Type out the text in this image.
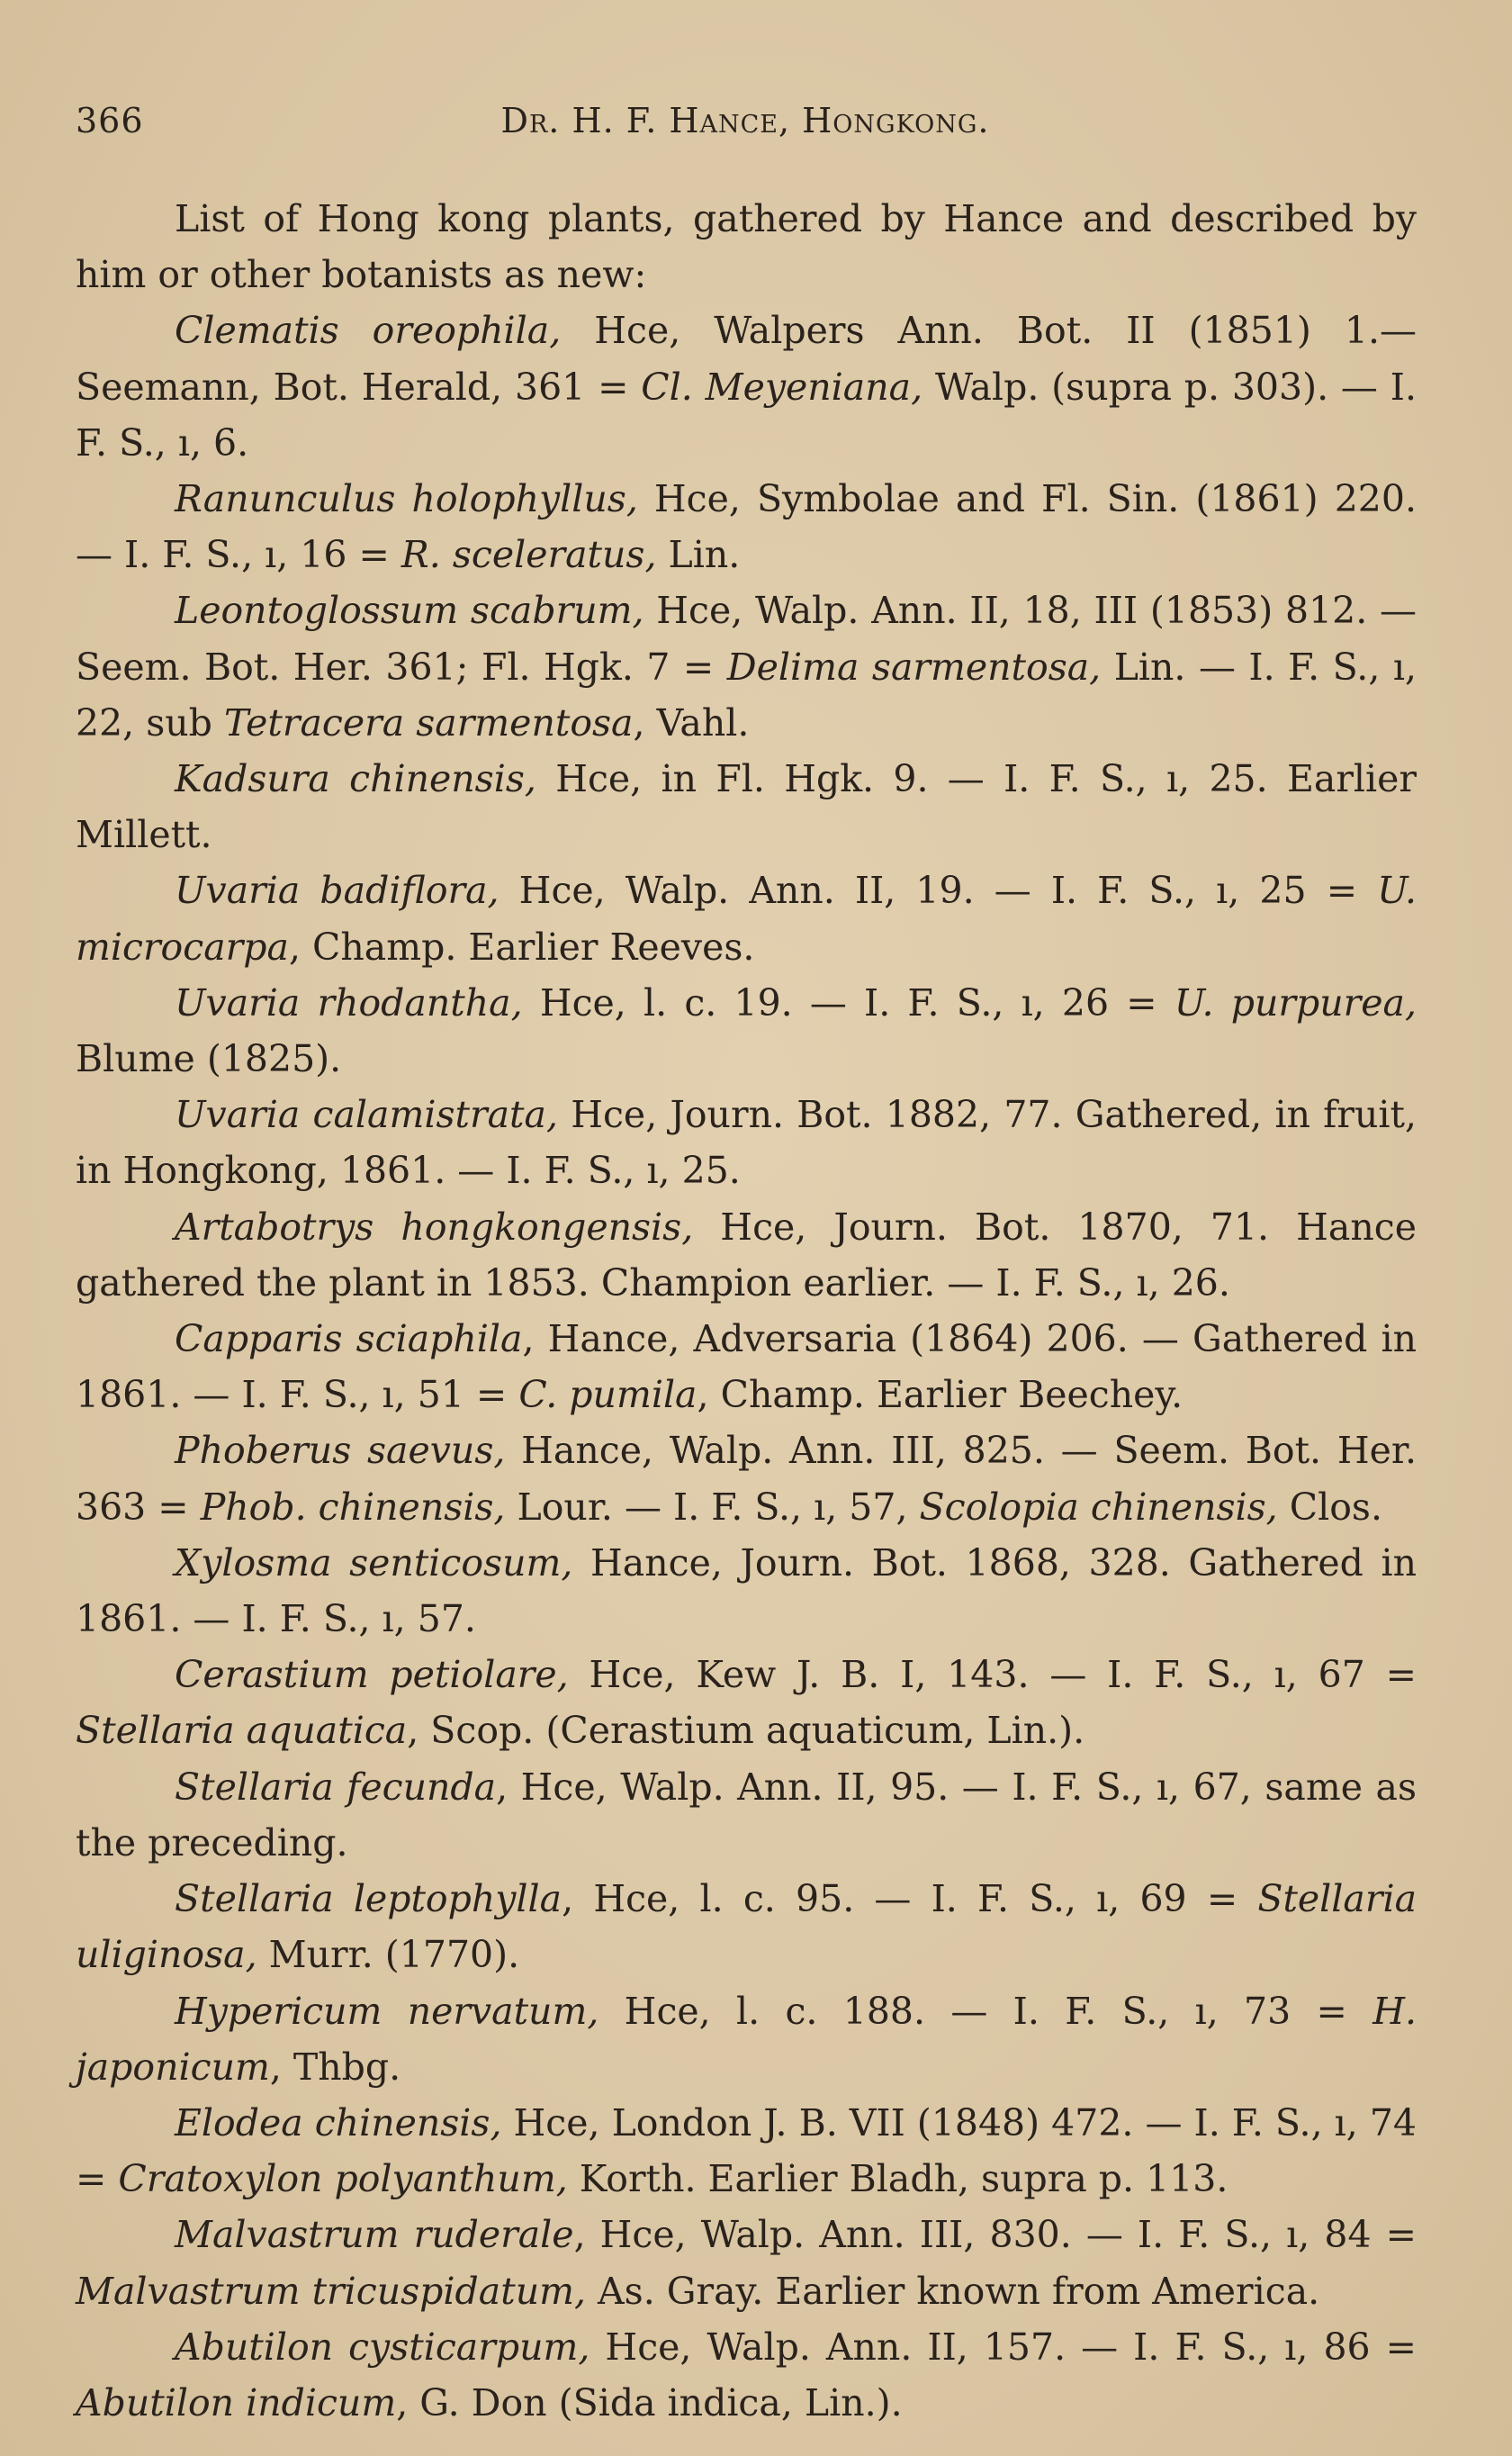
366	Dr. H. F. Hance, Hongkong.

List of Hong kong plants, gathered by Hance and described by him or other botanists as new:

Clematis oreophila, Hce, Walpers Ann. Bot. II (1851) 1.— Seemann, Bot. Herald, 361 = Cl. Meyeniana, Walp. (supra p. 303). — I. F. S., ı, 6.

Ranunculus holophyllus, Hce, Symbolae and Fl. Sin. (1861) 220. — I. F. S., ı, 16 = R. sceleratus, Lin.

Leontoglossum scabrum, Hce, Walp. Ann. II, 18, III (1853) 812. — Seem. Bot. Her. 361; Fl. Hgk. 7 = Delima sarmentosa, Lin. — I. F. S., ı, 22, sub Tetracera sarmentosa, Vahl.

Kadsura chinensis, Hce, in Fl. Hgk. 9. — I. F. S., ı, 25. Earlier Millett.

Uvaria badiflora, Hce, Walp. Ann. II, 19. — I. F. S., ı, 25 = U. microcarpa, Champ. Earlier Reeves.

Uvaria rhodantha, Hce, l. c. 19. — I. F. S., ı, 26 = U. purpurea, Blume (1825).

Uvaria calamistrata, Hce, Journ. Bot. 1882, 77. Gathered, in fruit, in Hongkong, 1861. — I. F. S., ı, 25.

Artabotrys hongkongensis, Hce, Journ. Bot. 1870, 71. Hance gathered the plant in 1853. Champion earlier. — I. F. S., ı, 26.

Capparis sciaphila, Hance, Adversaria (1864) 206. — Gathered in 1861. — I. F. S., ı, 51 = C. pumila, Champ. Earlier Beechey.

Phoberus saevus, Hance, Walp. Ann. III, 825. — Seem. Bot. Her. 363 = Phob. chinensis, Lour. — I. F. S., ı, 57, Scolopia chinensis, Clos.

Xylosma senticosum, Hance, Journ. Bot. 1868, 328. Gathered in 1861. — I. F. S., ı, 57.

Cerastium petiolare, Hce, Kew J. B. I, 143. — I. F. S., ı, 67 = Stellaria aquatica, Scop. (Cerastium aquaticum, Lin.).

Stellaria fecunda, Hce, Walp. Ann. II, 95. — I. F. S., ı, 67, same as the preceding.

Stellaria leptophylla, Hce, l. c. 95. — I. F. S., ı, 69 = Stellaria uliginosa, Murr. (1770).

Hypericum nervatum, Hce, l. c. 188. — I. F. S., ı, 73 = H. japonicum, Thbg.

Elodea chinensis, Hce, London J. B. VII (1848) 472. — I. F. S., ı, 74 = Cratoxylon polyanthum, Korth. Earlier Bladh, supra p. 113.

Malvastrum ruderale, Hce, Walp. Ann. III, 830. — I. F. S., ı, 84 = Malvastrum tricuspidatum, As. Gray. Earlier known from America.

Abutilon cysticarpum, Hce, Walp. Ann. II, 157. — I. F. S., ı, 86 = Abutilon indicum, G. Don (Sida indica, Lin.).
